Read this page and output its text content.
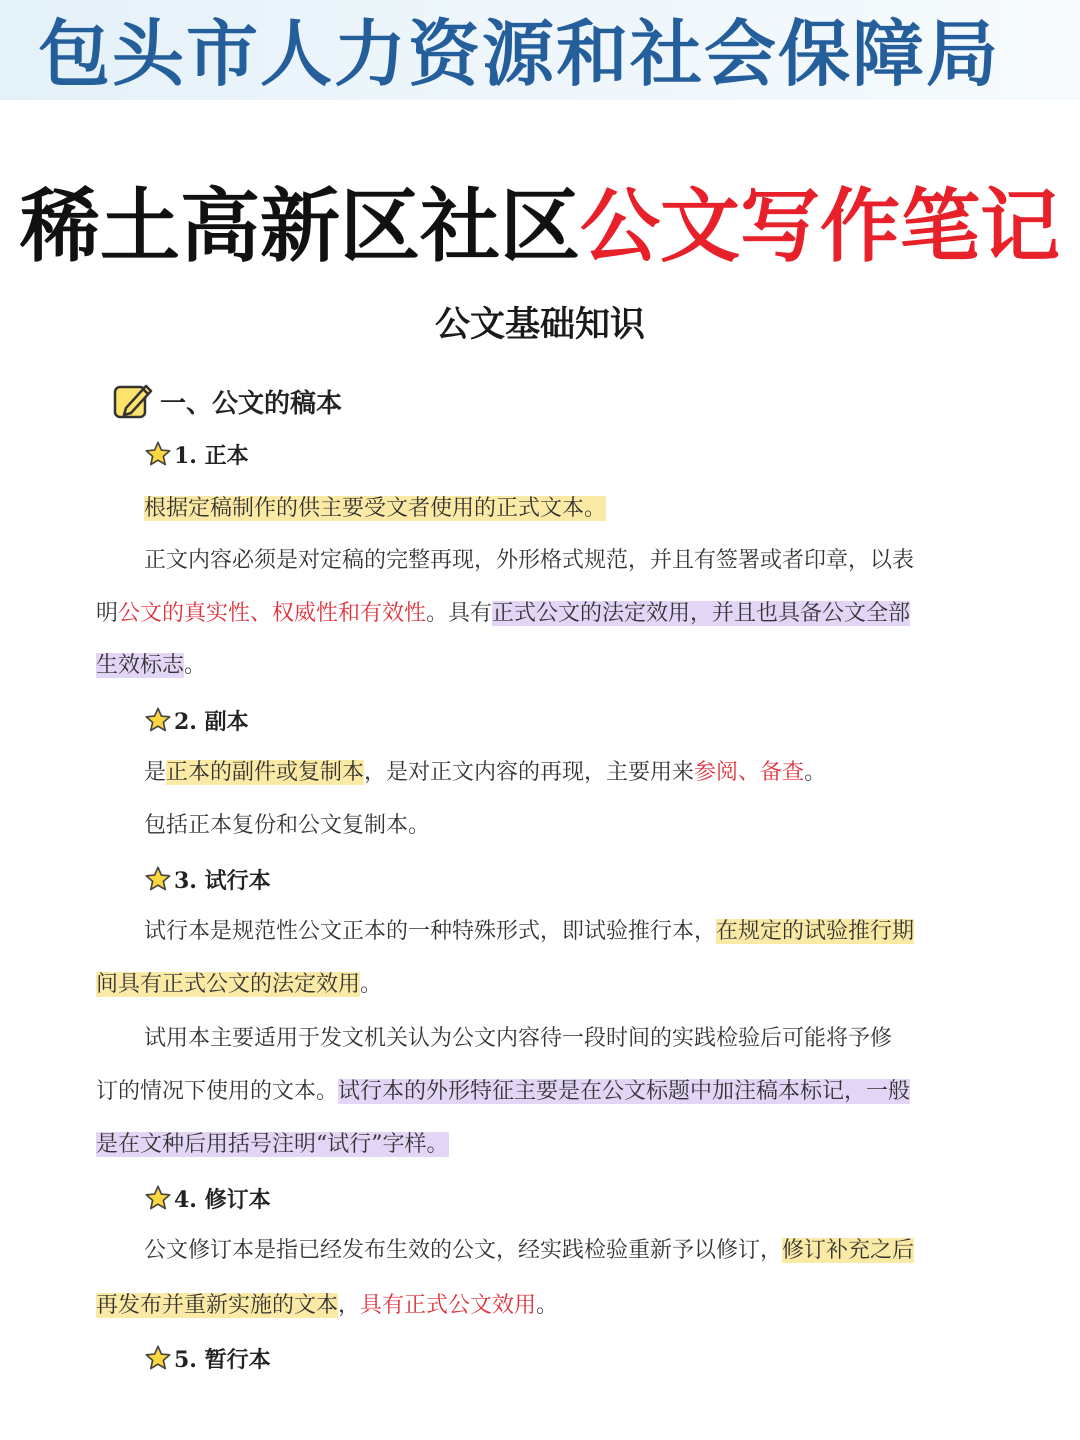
包头市人力资源和社会保障局
稀土高新区社区公文写作笔记
公文基础知识
一、公文的稿本
1. 正本
根据定稿制作的供主要受文者使用的正式文本。
正文内容必须是对定稿的完整再现，外形格式规范，并且有签署或者印章，以表
明公文的真实性、权威性和有效性。具有正式公文的法定效用，并且也具备公文全部
生效标志。
2. 副本
是正本的副件或复制本，是对正文内容的再现，主要用来参阅、备查。
包括正本复份和公文复制本。
3. 试行本
试行本是规范性公文正本的一种特殊形式，即试验推行本，在规定的试验推行期
间具有正式公文的法定效用。
试用本主要适用于发文机关认为公文内容待一段时间的实践检验后可能将予修
订的情况下使用的文本。试行本的外形特征主要是在公文标题中加注稿本标记，一般
是在文种后用括号注明“试行”字样。
4. 修订本
公文修订本是指已经发布生效的公文，经实践检验重新予以修订，修订补充之后
再发布并重新实施的文本，具有正式公文效用。
5. 暂行本
